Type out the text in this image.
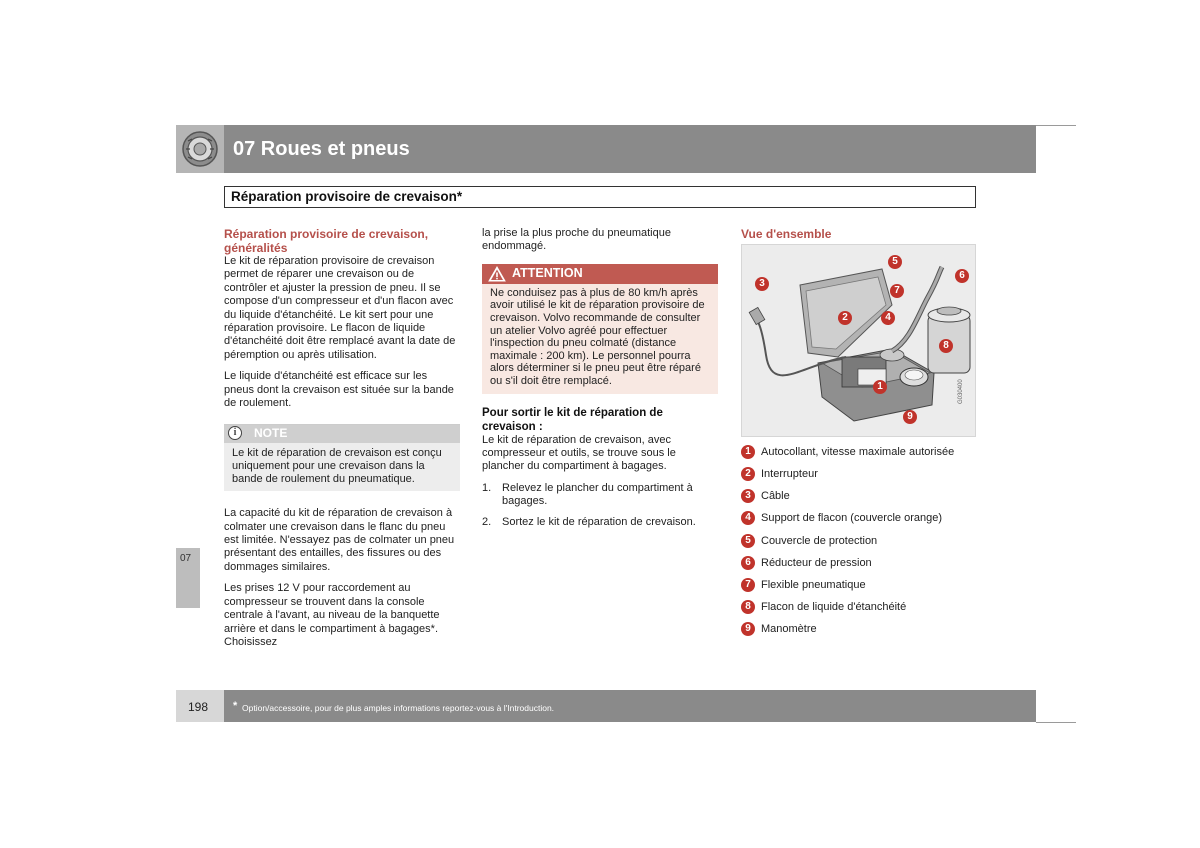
07 Roues et pneus
Réparation provisoire de crevaison*
07
Réparation provisoire de crevaison, généralités

Le kit de réparation provisoire de crevaison permet de réparer une crevaison ou de contrôler et ajuster la pression de pneu. Il se compose d'un compresseur et d'un flacon avec du liquide d'étanchéité. Le kit sert pour une réparation provisoire. Le flacon de liquide d'étanchéité doit être remplacé avant la date de péremption ou après utilisation.

Le liquide d'étanchéité est efficace sur les pneus dont la crevaison est située sur la bande de roulement.

i	NOTE
Le kit de réparation de crevaison est conçu uniquement pour une crevaison dans la bande de roulement du pneumatique.

La capacité du kit de réparation de crevaison à colmater une crevaison dans le flanc du pneu est limitée. N'essayez pas de colmater un pneu présentant des entailles, des fissures ou des dommages similaires.

Les prises 12 V pour raccordement au compresseur se trouvent dans la console centrale à l'avant, au niveau de la banquette arrière et dans le compartiment à bagages*. Choisissez

la prise la plus proche du pneumatique endommagé.

ATTENTION
Ne conduisez pas à plus de 80 km/h après avoir utilisé le kit de réparation provisoire de crevaison. Volvo recommande de consulter un atelier Volvo agréé pour effectuer l'inspection du pneu colmaté (distance maximale : 200 km). Le personnel pourra alors déterminer si le pneu peut être réparé ou s'il doit être remplacé.
Pour sortir le kit de réparation de crevaison :

Le kit de réparation de crevaison, avec compresseur et outils, se trouve sous le plancher du compartiment à bagages.

1. Relevez le plancher du compartiment à bagages.
2. Sortez le kit de réparation de crevaison.
Vue d'ensemble
5
6
7
3
2	4
8
1
9
G030400
1 Autocollant, vitesse maximale autorisée
2 Interrupteur
3 Câble
4 Support de flacon (couvercle orange)
5 Couvercle de protection
6 Réducteur de pression
7 Flexible pneumatique
8 Flacon de liquide d'étanchéité
9 Manomètre
198 * Option/accessoire, pour de plus amples informations reportez-vous à l'Introduction.
